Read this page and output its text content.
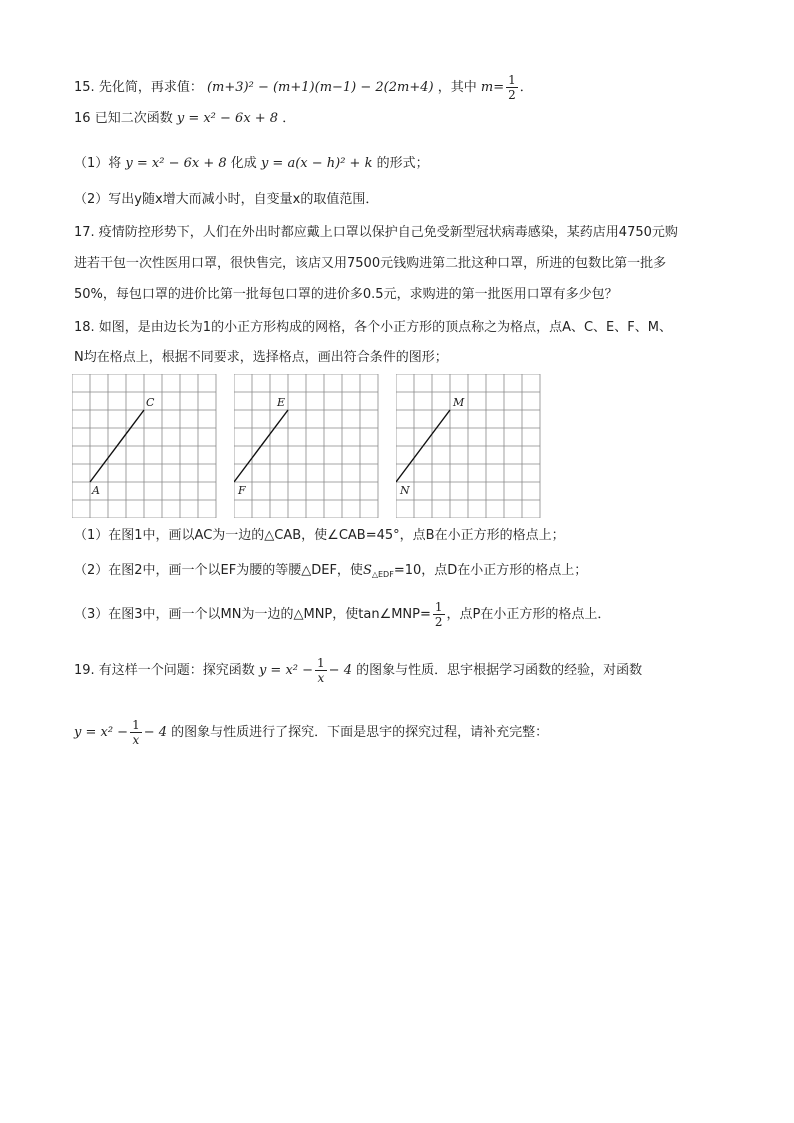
15. 先化简，再求值： (m+3)² − (m+1)(m−1) − 2(2m+4) ，其中 $m= \frac{1}{2}$ ．
16 已知二次函数 y = x² − 6x + 8 ．
（1）将 y = x² − 6x + 8 化成 y = a(x − h)² + k 的形式；
（2）写出y随x增大而减小时，自变量x的取值范围．
17. 疫情防控形势下，人们在外出时都应戴上口罩以保护自己免受新型冠状病毒感染，某药店用4750元购
进若干包一次性医用口罩，很快售完，该店又用7500元钱购进第二批这种口罩，所进的包数比第一批多
50%，每包口罩的进价比第一批每包口罩的进价多0.5元，求购进的第一批医用口罩有多少包？
18. 如图，是由边长为1的小正方形构成的网格，各个小正方形的顶点称之为格点，点A、C、E、F、M、
N均在格点上，根据不同要求，选择格点，画出符合条件的图形；
C
A
E
F
M
N
（1）在图1中，画以AC为一边的△CAB，使∠CAB=45°，点B在小正方形的格点上；
（2）在图2中，画一个以EF为腰的等腰△DEF，使$S_{\triangle EDF}=10$，点D在小正方形的格点上；
（3）在图3中，画一个以MN为一边的△MNP，使tan∠MNP= $\frac{1}{2}$ ，点P在小正方形的格点上．
19. 有这样一个问题：探究函数 $y = x^2 - \frac{1}{x} - 4$ 的图象与性质．思宇根据学习函数的经验，对函数
$y = x^2 - \frac{1}{x} - 4$ 的图象与性质进行了探究．下面是思宇的探究过程，请补充完整：
